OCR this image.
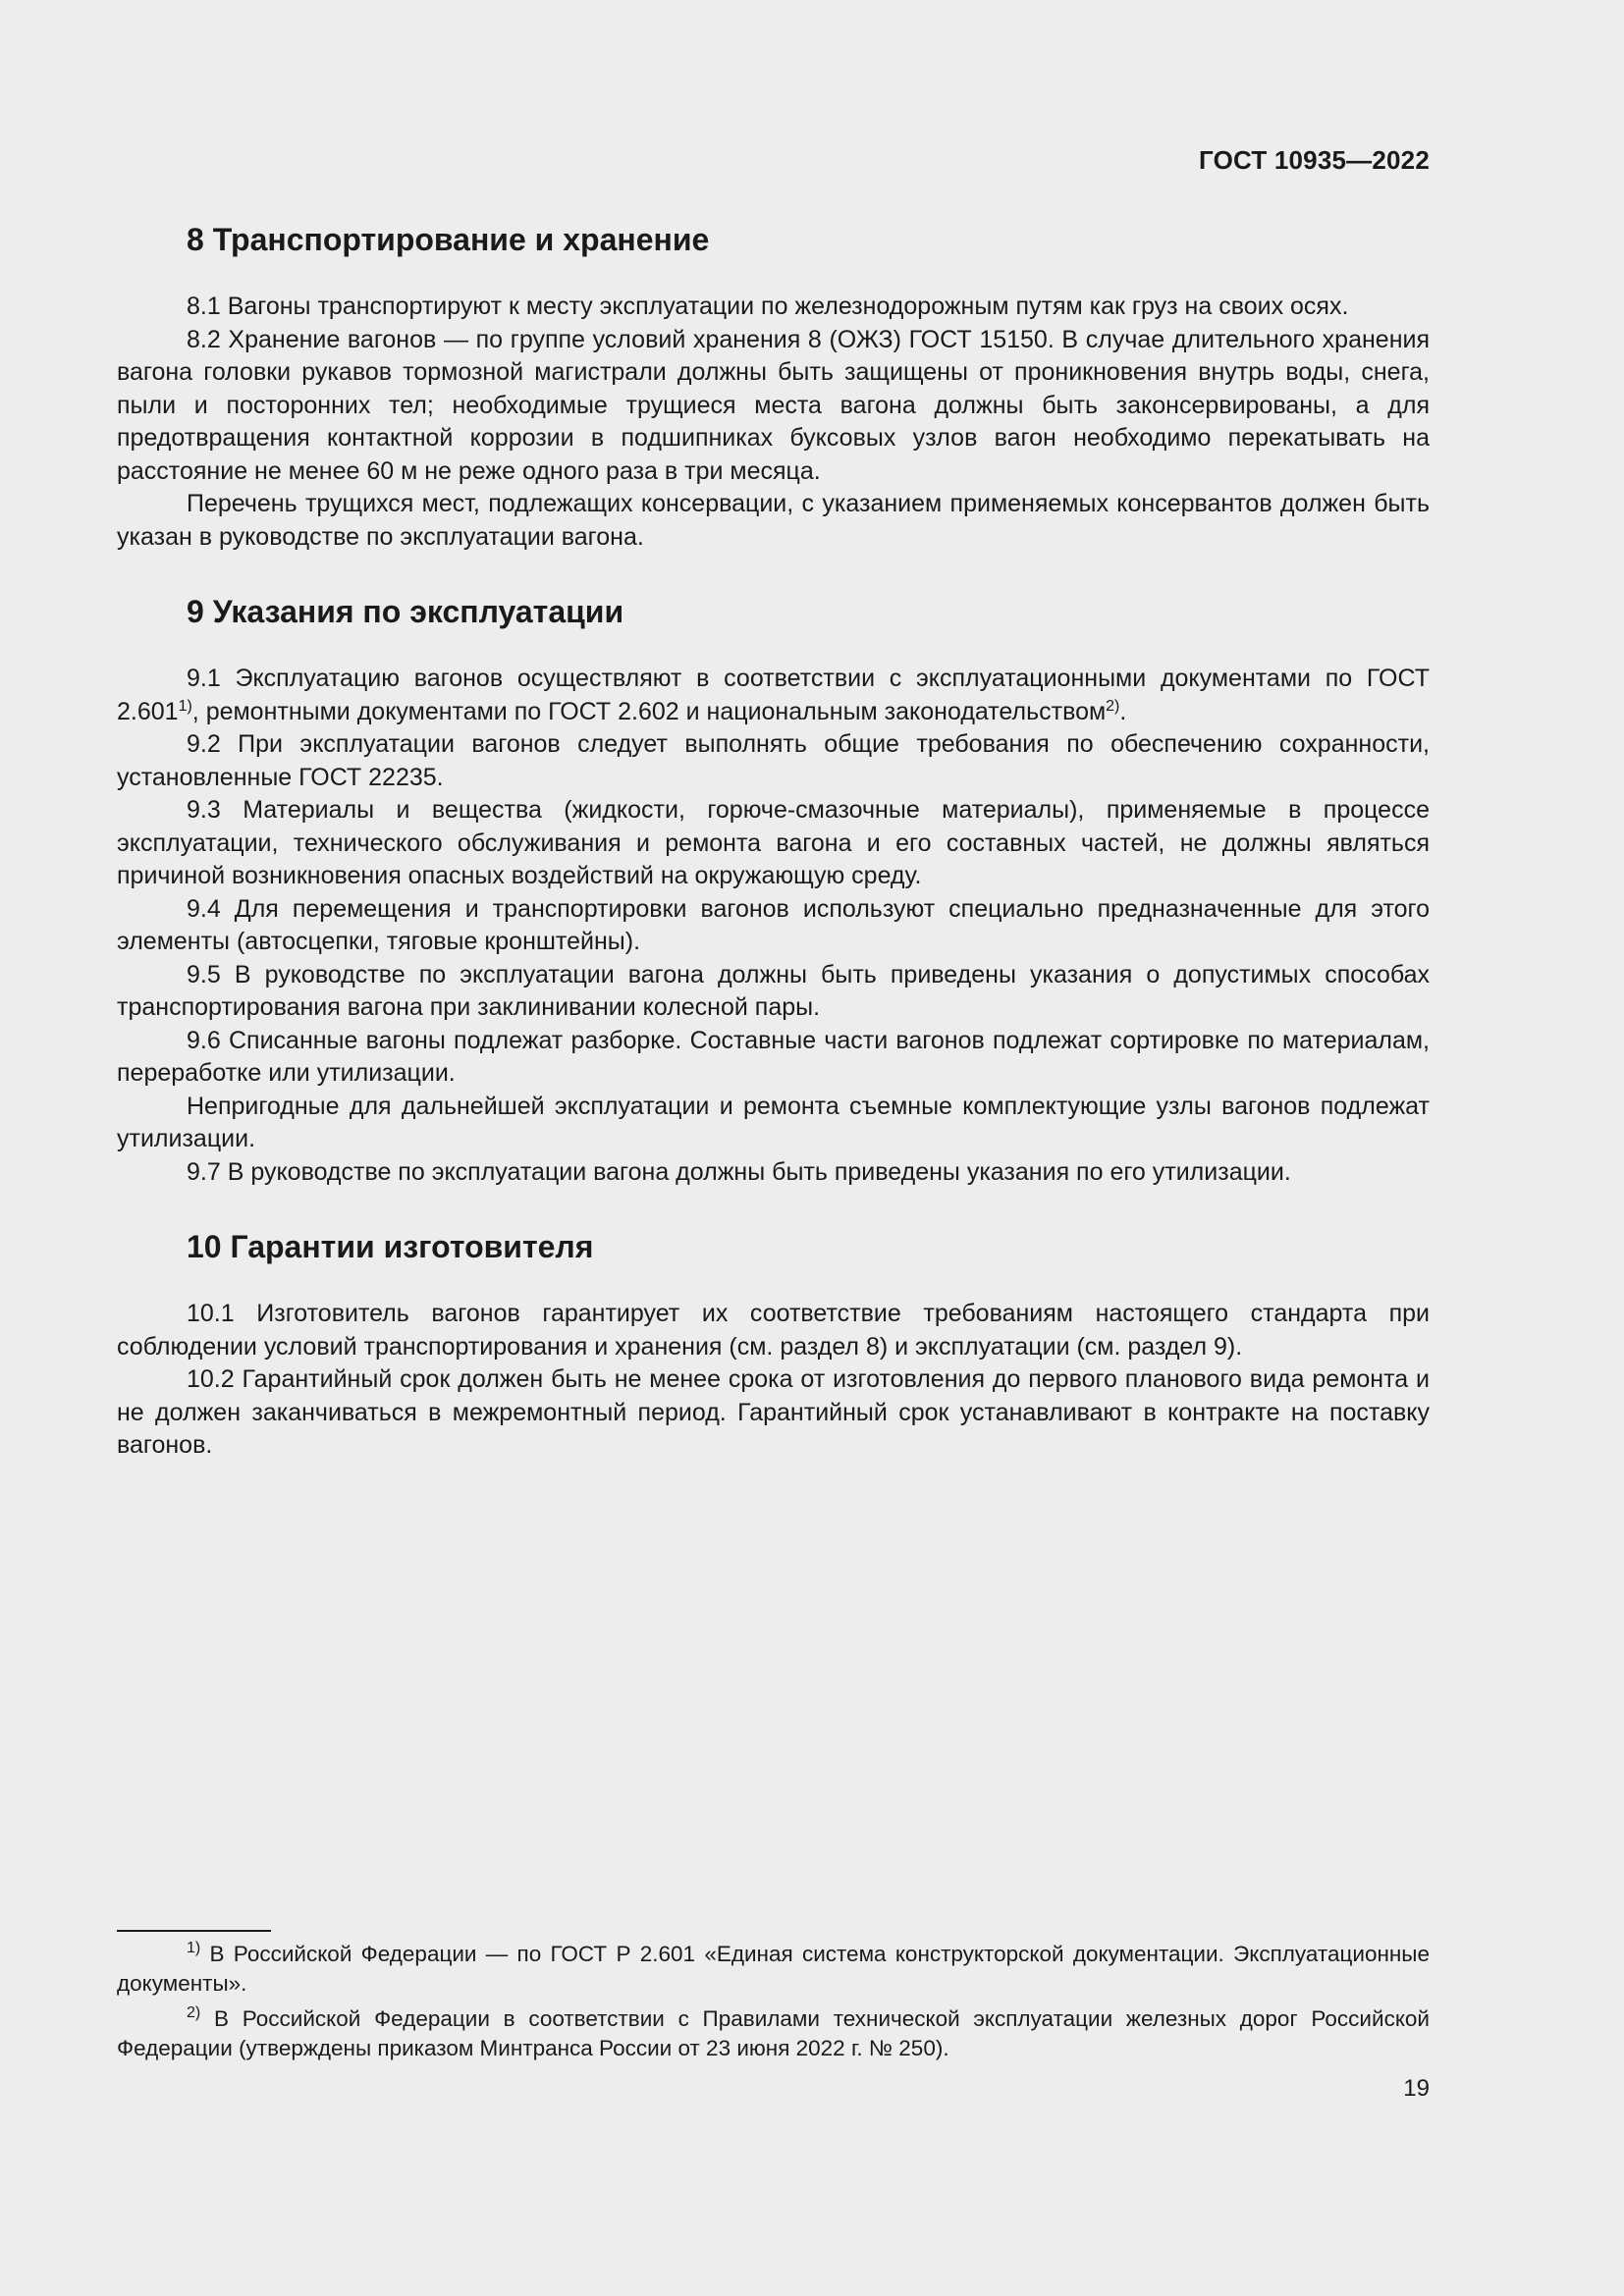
ГОСТ 10935—2022
8 Транспортирование и хранение

8.1 Вагоны транспортируют к месту эксплуатации по железнодорожным путям как груз на своих осях.

8.2 Хранение вагонов — по группе условий хранения 8 (ОЖЗ) ГОСТ 15150. В случае длительного хранения вагона головки рукавов тормозной магистрали должны быть защищены от проникновения внутрь воды, снега, пыли и посторонних тел; необходимые трущиеся места вагона должны быть законсервированы, а для предотвращения контактной коррозии в подшипниках буксовых узлов вагон необходимо перекатывать на расстояние не менее 60 м не реже одного раза в три месяца.

Перечень трущихся мест, подлежащих консервации, с указанием применяемых консервантов должен быть указан в руководстве по эксплуатации вагона.

9 Указания по эксплуатации

9.1 Эксплуатацию вагонов осуществляют в соответствии с эксплуатационными документами по ГОСТ 2.601$^{1)}$, ремонтными документами по ГОСТ 2.602 и национальным законодательством$^{2)}$.

9.2 При эксплуатации вагонов следует выполнять общие требования по обеспечению сохранности, установленные ГОСТ 22235.

9.3 Материалы и вещества (жидкости, горюче-смазочные материалы), применяемые в процессе эксплуатации, технического обслуживания и ремонта вагона и его составных частей, не должны являться причиной возникновения опасных воздействий на окружающую среду.

9.4 Для перемещения и транспортировки вагонов используют специально предназначенные для этого элементы (автосцепки, тяговые кронштейны).

9.5 В руководстве по эксплуатации вагона должны быть приведены указания о допустимых способах транспортирования вагона при заклинивании колесной пары.

9.6 Списанные вагоны подлежат разборке. Составные части вагонов подлежат сортировке по материалам, переработке или утилизации.

Непригодные для дальнейшей эксплуатации и ремонта съемные комплектующие узлы вагонов подлежат утилизации.

9.7 В руководстве по эксплуатации вагона должны быть приведены указания по его утилизации.

10 Гарантии изготовителя

10.1 Изготовитель вагонов гарантирует их соответствие требованиям настоящего стандарта при соблюдении условий транспортирования и хранения (см. раздел 8) и эксплуатации (см. раздел 9).

10.2 Гарантийный срок должен быть не менее срока от изготовления до первого планового вида ремонта и не должен заканчиваться в межремонтный период. Гарантийный срок устанавливают в контракте на поставку вагонов.

$^{1)}$ В Российской Федерации — по ГОСТ Р 2.601 «Единая система конструкторской документации. Эксплуатационные документы».

$^{2)}$ В Российской Федерации в соответствии с Правилами технической эксплуатации железных дорог Российской Федерации (утверждены приказом Минтранса России от 23 июня 2022 г. № 250).

19
